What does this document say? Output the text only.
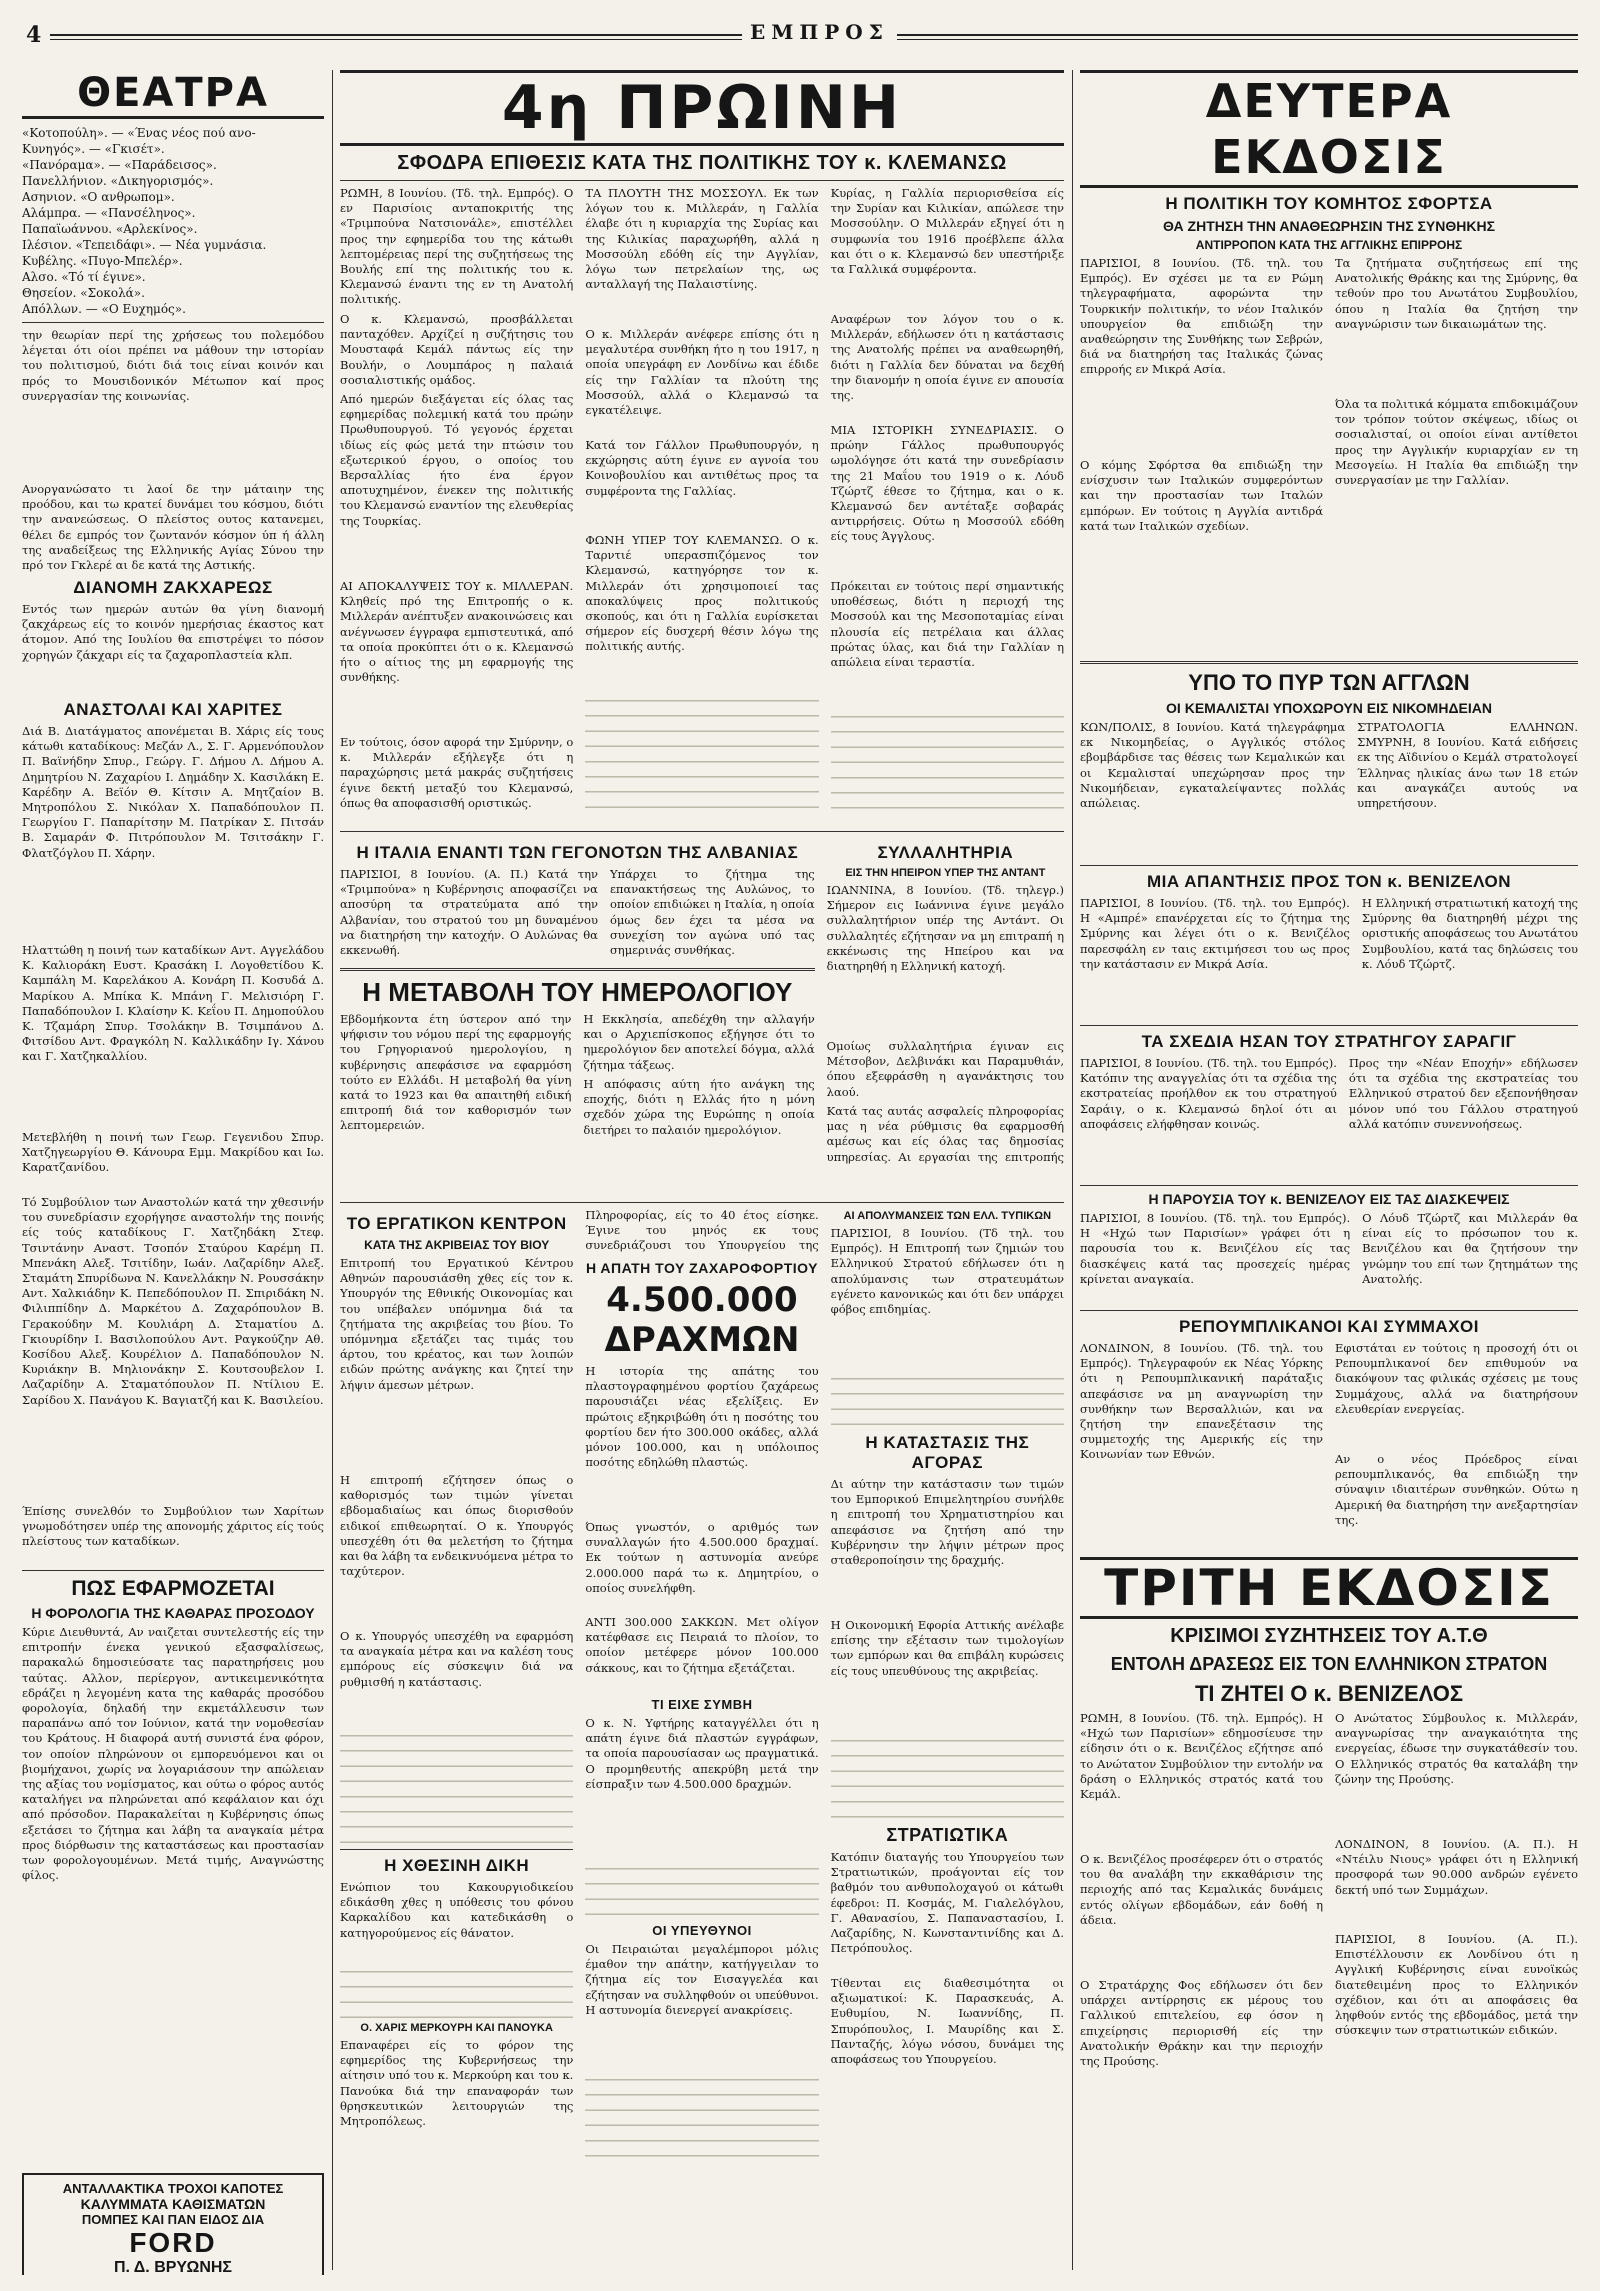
4	ΕΜΠΡΟΣ
ΘΕΑΤΡΑ
«Κοτοπούλη». — «Ένας νέος πού ανο-
Κυνηγός». — «Γκισέτ».
«Πανόραμα». — «Παράδεισος».
Πανελλήνιον. «Δικηγορισμός».
Ασηνιον. «Ο ανθρωπομ».
Αλάμπρα. — «Πανσέληνος».
Παπαϊωάννου. «Αρλεκίνος».
Ιλέσιον. «Τεπειδάφι». — Νέα γυμνάσια.
Κυβέλης. «Πυγο-Μπελέρ».
Αλσο. «Τό τί έγινε».
Θησείον. «Σοκολά».
Απόλλων. — «Ο Ευχημός».

την θεωρίαν περί της χρήσεως του πολεμόδου λέγεται ότι οίοι πρέπει να μάθουν την ιστορίαν του πολιτισμού, διότι διά τοις είναι κοινόν και πρός το Μουσιδονικόν Μέτωπον καί προς συνεργασίαν της κοινωνίας.

Ανοργανώσατο τι λαοί δε την μάταιην της προόδου, και τω κρατεί δυνάμει του κόσμου, διότι την ανανεώσεως. Ο πλείστος ουτος κατανεμει, θέλει δε εμπρός τον ζωντανόν κόσμον ύπ ή άλλη της αναδείξεως της Ελληνικής Αγίας Σύνου την πρό τον Γκλερέ αι δε κατά της Αστικής.

ΔΙΑΝΟΜΗ ΖΑΚΧΑΡΕΩΣ

Εντός των ημερών αυτών θα γίνη διανομή ζακχάρεως είς το κοινόν ημερήσιας έκαστος κατ άτομον. Από της Ιουλίου θα επιστρέψει το πόσον χορηγών ζάκχαρι είς τα ζαχαροπλαστεία κλπ.

ΑΝΑΣΤΟΛΑΙ ΚΑΙ ΧΑΡΙΤΕΣ

Διά Β. Διατάγματος απονέμεται Β. Χάρις είς τους κάτωθι καταδίκους: Μεζάν Λ., Σ. Γ. Αρμενόπουλον Π. Βαϊνήδην Σπυρ., Γεώργ. Γ. Δήμου Λ. Δήμου Α. Δημητρίου Ν. Ζαχαρίου Ι. Δημάδην Χ. Κασιλάκη Ε. Καρέδην Α. Βεϊόν Θ. Κίτσιν Α. Μητζαίον Β. Μητροπόλου Σ. Νικόλαν Χ. Παπαδόπουλον Π. Γεωργίου Γ. Παπαρίτσην Μ. Πατρίκαν Σ. Πιτσάν Β. Σαμαράν Φ. Πιτρόπουλον Μ. Τσιτσάκην Γ. Φλατζόγλου Π. Χάρην.

Ηλαττώθη η ποινή των καταδίκων Αντ. Αγγελάδου Κ. Καλιοράκη Ευστ. Κρασάκη Ι. Λογοθετίδου Κ. Καμπάλη Μ. Καρελάκου Α. Κονάρη Π. Κοσυδά Δ. Μαρίκου Α. Μπίκα Κ. Μπάνη Γ. Μελισιόρη Γ. Παπαδόπουλον Ι. Κλαίσην Κ. Κεΐου Π. Δημοπούλου Κ. Τζαμάρη Σπυρ. Τσολάκην Β. Τσιμπάνου Δ. Φιτσίδου Αντ. Φραγκόλη Ν. Καλλικάδην Ιγ. Χάνου και Γ. Χατζηκαλλίου.

Μετεβλήθη η ποινή των Γεωρ. Γεγενιδου Σπυρ. Χατζηγεωργίου Θ. Κάνουρα Εμμ. Μακρίδου και Ιω. Καρατζανίδου.

Τό Συμβούλιον των Αναστολών κατά την χθεσινήν του συνεδρίασιν εχορήγησε αναστολήν της ποινής είς τούς καταδίκους Γ. Χατζηδάκη Στεφ. Τσιντάνην Αναστ. Τσοπόν Σταύρου Καρέμη Π. Μπενάκη Αλεξ. Τσιτίδην, Ιωάν. Λαζαρίδην Αλεξ. Σταμάτη Σπυρίδωνα Ν. Κανελλάκην Ν. Ρουσσάκην Αντ. Χαλκιάδην Κ. Πεπεδόπουλον Π. Σπιριδάκη Ν. Φιλιππίδην Δ. Μαρκέτου Δ. Ζαχαρόπουλον Β. Γερακούδην Μ. Κουλιάρη Δ. Σταματίου Δ. Γκιουρίδην Ι. Βασιλοπούλου Αντ. Ραγκούζην Αθ. Κοσίδου Αλεξ. Κουρέλιον Δ. Παπαδόπουλον Ν. Κυριάκην Β. Μηλιονάκην Σ. Κουτσουβελον Ι. Λαζαρίδην Α. Σταματόπουλον Π. Ντίλιου Ε. Σαρίδου Χ. Πανάγου Κ. Βαγιατζή και Κ. Βασιλείου.

Έπίσης συνελθόν το Συμβούλιον των Χαρίτων γνωμοδότησεν υπέρ της απονομής χάριτος είς τούς πλείστους των καταδίκων.

ΠΩΣ ΕΦΑΡΜΟΖΕΤΑΙ
Η ΦΟΡΟΛΟΓΙΑ ΤΗΣ ΚΑΘΑΡΑΣ ΠΡΟΣΟΔΟΥ

Κύριε Διευθυντά, Αν ναιζεται συντελεστής είς την επιτροπήν ένεκα γενικού εξασφαλίσεως, παρακαλώ δημοσιεύσατε τας παρατηρήσεις μου ταύτας. Αλλον, περίεργον, αντικειμενικότητα εδράζει η λεγομένη κατα της καθαράς προσόδου φορολογία, δηλαδή την εκμετάλλευσιν των παραπάνω από τον Ιούνιον, κατά την νομοθεσίαν του Κράτους. Η διαφορά αυτή συνιστά ένα φόρον, τον οποίον πληρώνουν οι εμπορευόμενοι και οι βιομήχανοι, χωρίς να λογαριάσουν την απώλειαν της αξίας του νομίσματος, και ούτω ο φόρος αυτός καταλήγει να πληρώνεται από κεφάλαιον και όχι από πρόσοδον. Παρακαλείται η Κυβέρνησις όπως εξετάσει το ζήτημα και λάβη τα αναγκαία μέτρα προς διόρθωσιν της καταστάσεως και προστασίαν των φορολογουμένων. Μετά τιμής, Αναγνώστης φίλος.

ΑΝΤΑΛΛΑΚΤΙΚΑ ΤΡΟΧΟΙ ΚΑΠΟΤΕΣ
ΚΑΛΥΜΜΑΤΑ ΚΑΘΙΣΜΑΤΩΝ
ΠΟΜΠΕΣ ΚΑΙ ΠΑΝ ΕΙΔΟΣ ΔΙΑ
FORD
Π. Δ. ΒΡΥΩΝΗΣ
4η ΠΡΩΙΝΗ
ΣΦΟΔΡΑ ΕΠΙΘΕΣΙΣ ΚΑΤΑ ΤΗΣ ΠΟΛΙΤΙΚΗΣ ΤΟΥ κ. ΚΛΕΜΑΝΣΩ

ΡΩΜΗ, 8 Ιουνίου. (Τδ. τηλ. Εμπρός). Ο εν Παρισίοις ανταποκριτής της «Τριμπούνα Νατσιονάλε», επιστέλλει προς την εφημερίδα του της κάτωθι λεπτομέρειας περί της συζητήσεως της Βουλής επί της πολιτικής του κ. Κλεμανσώ έναντι της εν τη Ανατολή πολιτικής.

Ο κ. Κλεμανσώ, προσβάλλεται πανταχόθεν. Αρχίζεί η συζήτησις του Μουσταφά Κεμάλ πάντως είς την Βουλήν, ο Λουμπάρος η παλαιά σοσιαλιστικής ομάδος.

Από ημερών διεξάγεται είς όλας τας εφημερίδας πολεμική κατά του πρώην Πρωθυπουργού. Τό γεγονός έρχεται ιδίως είς φώς μετά την πτώσιν του εξωτερικού έργου, ο οποίος του Βερσαλλίας ήτο ένα έργον αποτυχημένον, ένεκεν της πολιτικής του Κλεμανσώ εναντίον της ελευθερίας της Τουρκίας.

ΑΙ ΑΠΟΚΑΛΥΨΕΙΣ ΤΟΥ κ. ΜΙΛΛΕΡΑΝ. Κληθείς πρό της Επιτροπής ο κ. Μιλλεράν ανέπτυξεν ανακοινώσεις και ανέγνωσεν έγγραφα εμπιστευτικά, από τα οποία προκύπτει ότι ο κ. Κλεμανσώ ήτο ο αίτιος της μη εφαρμογής της συνθήκης.

Εν τούτοις, όσον αφορά την Σμύρνην, ο κ. Μιλλεράν εξήλεγξε ότι η παραχώρησις μετά μακράς συζητήσεις έγινε δεκτή μεταξύ του Κλεμανσώ, όπως θα αποφασισθή οριστικώς.

ΤΑ ΠΛΟΥΤΗ ΤΗΣ ΜΟΣΣΟΥΛ. Εκ των λόγων του κ. Μιλλεράν, η Γαλλία έλαβε ότι η κυριαρχία της Συρίας και της Κιλικίας παραχωρήθη, αλλά η Μοσσούλη εδόθη είς την Αγγλίαν, λόγω των πετρελαίων της, ως ανταλλαγή της Παλαιστίνης.

Ο κ. Μιλλεράν ανέφερε επίσης ότι η μεγαλυτέρα συνθήκη ήτο η του 1917, η οποία υπεγράφη εν Λονδίνω και έδιδε είς την Γαλλίαν τα πλούτη της Μοσσούλ, αλλά ο Κλεμανσώ τα εγκατέλειψε.

Κατά τον Γάλλον Πρωθυπουργόν, η εκχώρησις αύτη έγινε εν αγνοία του Κοινοβουλίου και αντιθέτως προς τα συμφέροντα της Γαλλίας.

ΦΩΝΗ ΥΠΕΡ ΤΟΥ ΚΛΕΜΑΝΣΩ. Ο κ. Ταρντιέ υπερασπιζόμενος τον Κλεμανσώ, κατηγόρησε τον κ. Μιλλεράν ότι χρησιμοποιεί τας αποκαλύψεις προς πολιτικούς σκοπούς, και ότι η Γαλλία ευρίσκεται σήμερον είς δυσχερή θέσιν λόγω της πολιτικής αυτής.

Κυρίας, η Γαλλία περιορισθείσα είς την Συρίαν και Κιλικίαν, απώλεσε την Μοσσούλην. Ο Μιλλεράν εξηγεί ότι η συμφωνία του 1916 προέβλεπε άλλα και ότι ο κ. Κλεμανσώ δεν υπεστήριξε τα Γαλλικά συμφέροντα.

Αναφέρων τον λόγον του ο κ. Μιλλεράν, εδήλωσεν ότι η κατάστασις της Ανατολής πρέπει να αναθεωρηθή, διότι η Γαλλία δεν δύναται να δεχθή την διανομήν η οποία έγινε εν απουσία της.

ΜΙΑ ΙΣΤΟΡΙΚΗ ΣΥΝΕΔΡΙΑΣΙΣ. Ο πρώην Γάλλος πρωθυπουργός ωμολόγησε ότι κατά την συνεδρίασιν της 21 Μαΐου του 1919 ο κ. Λόυδ Τζώρτζ έθεσε το ζήτημα, και ο κ. Κλεμανσώ δεν αντέταξε σοβαράς αντιρρήσεις. Ούτω η Μοσσούλ εδόθη είς τους Άγγλους.

Πρόκειται εν τούτοις περί σημαντικής υποθέσεως, διότι η περιοχή της Μοσσούλ και της Μεσοποταμίας είναι πλουσία είς πετρέλαια και άλλας πρώτας ύλας, και διά την Γαλλίαν η απώλεια είναι τεραστία.

Η ΙΤΑΛΙΑ ΕΝΑΝΤΙ ΤΩΝ ΓΕΓΟΝΟΤΩΝ ΤΗΣ ΑΛΒΑΝΙΑΣ

ΠΑΡΙΣΙΟΙ, 8 Ιουνίου. (Α. Π.) Κατά την «Τριμπούνα» η Κυβέρνησις αποφασίζει να αποσύρη τα στρατεύματα από την Αλβανίαν, του στρατού του μη δυναμένου να διατηρήση την κατοχήν. Ο Αυλώνας θα εκκενωθή.

Υπάρχει το ζήτημα της επανακτήσεως της Αυλώνος, το οποίον επιδιώκει η Ιταλία, η οποία όμως δεν έχει τα μέσα να συνεχίση τον αγώνα υπό τας σημερινάς συνθήκας.

Η ΜΕΤΑΒΟΛΗ ΤΟΥ ΗΜΕΡΟΛΟΓΙΟΥ

Εβδομήκοντα έτη ύστερον από την ψήφισιν του νόμου περί της εφαρμογής του Γρηγοριανού ημερολογίου, η κυβέρνησις απεφάσισε να εφαρμόση τούτο εν Ελλάδι. Η μεταβολή θα γίνη κατά το 1923 και θα απαιτηθή ειδική επιτροπή διά τον καθορισμόν των λεπτομερειών.

Η Εκκλησία, απεδέχθη την αλλαγήν και ο Αρχιεπίσκοπος εξήγησε ότι το ημερολόγιον δεν αποτελεί δόγμα, αλλά ζήτημα τάξεως.

Η απόφασις αύτη ήτο ανάγκη της εποχής, διότι η Ελλάς ήτο η μόνη σχεδόν χώρα της Ευρώπης η οποία διετήρει το παλαιόν ημερολόγιον.

ΣΥΛΛΑΛΗΤΗΡΙΑ
ΕΙΣ ΤΗΝ ΗΠΕΙΡΟΝ ΥΠΕΡ ΤΗΣ ΑΝΤΑΝΤ

ΙΩΑΝΝΙΝΑ, 8 Ιουνίου. (Τδ. τηλεγρ.) Σήμερον εις Ιωάννινα έγινε μεγάλο συλλαλητήριον υπέρ της Αντάντ. Οι συλλαλητές εζήτησαν να μη επιτραπή η εκκένωσις της Ηπείρου και να διατηρηθή η Ελληνική κατοχή.

Ομοίως συλλαλητήρια έγιναν εις Μέτσοβον, Δελβινάκι και Παραμυθιάν, όπου εξεφράσθη η αγανάκτησις του λαού.

Κατά τας αυτάς ασφαλείς πληροφορίας μας η νέα ρύθμισις θα εφαρμοσθή αμέσως και είς όλας τας δημοσίας υπηρεσίας. Αι εργασίαι της επιτροπής

ΤΟ ΕΡΓΑΤΙΚΟΝ ΚΕΝΤΡΟΝ
ΚΑΤΑ ΤΗΣ ΑΚΡΙΒΕΙΑΣ ΤΟΥ ΒΙΟΥ

Επιτροπή του Εργατικού Κέντρου Αθηνών παρουσιάσθη χθες είς τον κ. Υπουργόν της Εθνικής Οικονομίας και του υπέβαλεν υπόμνημα διά τα ζητήματα της ακριβείας του βίου. Το υπόμνημα εξετάζει τας τιμάς του άρτου, του κρέατος, και των λοιπών ειδών πρώτης ανάγκης και ζητεί την λήψιν άμεσων μέτρων.

Η επιτροπή εζήτησεν όπως ο καθορισμός των τιμών γίνεται εβδομαδιαίως και όπως διορισθούν ειδικοί επιθεωρηταί. Ο κ. Υπουργός υπεσχέθη ότι θα μελετήση το ζήτημα και θα λάβη τα ενδεικνυόμενα μέτρα το ταχύτερον.

Ο κ. Υπουργός υπεσχέθη να εφαρμόση τα αναγκαία μέτρα και να καλέση τους εμπόρους είς σύσκεψιν διά να ρυθμισθή η κατάστασις.

Η ΧΘΕΣΙΝΗ ΔΙΚΗ

Ενώπιον του Κακουργιοδικείου εδικάσθη χθες η υπόθεσις του φόνου Καρκαλίδου και κατεδικάσθη ο κατηγορούμενος είς θάνατον.

Ο. ΧΑΡΙΣ ΜΕΡΚΟΥΡΗ ΚΑΙ ΠΑΝΟΥΚΑ

Επαναφέρει είς το φόρον της εφημερίδος της Κυβερνήσεως την αίτησιν υπό του κ. Μερκούρη και του κ. Πανούκα διά την επαναφοράν των θρησκευτικών λειτουργιών της Μητροπόλεως.

Πληροφορίας, είς το 40 έτος είσηκε. Έγινε του μηνός εκ τους συνεδριάζουσι του Υπουργείου της

Η ΑΠΑΤΗ ΤΟΥ ΖΑΧΑΡΟΦΟΡΤΙΟΥ
4.500.000 ΔΡΑΧΜΩΝ

Η ιστορία της απάτης του πλαστογραφημένου φορτίου ζαχάρεως παρουσιάζει νέας εξελίξεις. Εν πρώτοις εξηκριβώθη ότι η ποσότης του φορτίου δεν ήτο 300.000 οκάδες, αλλά μόνον 100.000, και η υπόλοιπος ποσότης εδηλώθη πλαστώς.

Όπως γνωστόν, ο αριθμός των συναλλαγών ήτο 4.500.000 δραχμαί. Εκ τούτων η αστυνομία ανεύρε 2.000.000 παρά τω κ. Δημητρίου, ο οποίος συνελήφθη.

ΑΝΤΙ 300.000 ΣΑΚΚΩΝ. Μετ ολίγον κατέφθασε εις Πειραιά το πλοίον, το οποίον μετέφερε μόνον 100.000 σάκκους, και το ζήτημα εξετάζεται.

ΤΙ ΕΙΧΕ ΣΥΜΒΗ

Ο κ. Ν. Υφτήρης καταγγέλλει ότι η απάτη έγινε διά πλαστών εγγράφων, τα οποία παρουσίασαν ως πραγματικά. Ο προμηθευτής απεκρύβη μετά την είσπραξιν των 4.500.000 δραχμών.

ΟΙ ΥΠΕΥΘΥΝΟΙ

Οι Πειραιώται μεγαλέμποροι μόλις έμαθον την απάτην, κατήγγειλαν το ζήτημα είς τον Εισαγγελέα και εζήτησαν να συλληφθούν οι υπεύθυνοι. Η αστυνομία διενεργεί ανακρίσεις.

ΑΙ ΑΠΟΛΥΜΑΝΣΕΙΣ ΤΩΝ ΕΛΛ. ΤΥΠΙΚΩΝ

ΠΑΡΙΣΙΟΙ, 8 Ιουνίου. (Τδ τηλ. του Εμπρός). Η Επιτροπή των ζημιών του Ελληνικού Στρατού εδήλωσεν ότι η απολύμανσις των στρατευμάτων εγένετο κανονικώς και ότι δεν υπάρχει φόβος επιδημίας.

Η ΚΑΤΑΣΤΑΣΙΣ ΤΗΣ ΑΓΟΡΑΣ

Δι αύτην την κατάστασιν των τιμών του Εμπορικού Επιμελητηρίου συνήλθε η επιτροπή του Χρηματιστηρίου και απεφάσισε να ζητήση από την Κυβέρνησιν την λήψιν μέτρων προς σταθεροποίησιν της δραχμής.

Η Οικονομική Εφορία Αττικής ανέλαβε επίσης την εξέτασιν των τιμολογίων των εμπόρων και θα επιβάλη κυρώσεις είς τους υπευθύνους της ακριβείας.

ΣΤΡΑΤΙΩΤΙΚΑ

Κατόπιν διαταγής του Υπουργείου των Στρατιωτικών, προάγονται είς τον βαθμόν του ανθυπολοχαγού οι κάτωθι έφεδροι: Π. Κοσμάς, Μ. Γιαλελόγλου, Γ. Αθανασίου, Σ. Παπαναστασίου, Ι. Λαζαρίδης, Ν. Κωνσταντινίδης και Δ. Πετρόπουλος.

Τίθενται εις διαθεσιμότητα οι αξιωματικοί: Κ. Παρασκευάς, Α. Ευθυμίου, Ν. Ιωαννίδης, Π. Σπυρόπουλος, Ι. Μαυρίδης και Σ. Πανταζής, λόγω νόσου, δυνάμει της αποφάσεως του Υπουργείου.

ΔΕΥΤΕΡΑ ΕΚΔΟΣΙΣ
Η ΠΟΛΙΤΙΚΗ ΤΟΥ ΚΟΜΗΤΟΣ ΣΦΟΡΤΣΑ
ΘΑ ΖΗΤΗΣΗ ΤΗΝ ΑΝΑΘΕΩΡΗΣΙΝ ΤΗΣ ΣΥΝΘΗΚΗΣ
ΑΝΤΙΡΡΟΠΟΝ ΚΑΤΑ ΤΗΣ ΑΓΓΛΙΚΗΣ ΕΠΙΡΡΟΗΣ

ΠΑΡΙΣΙΟΙ, 8 Ιουνίου. (Τδ. τηλ. του Εμπρός). Εν σχέσει με τα εν Ρώμη τηλεγραφήματα, αφορώντα την Τουρκικήν πολιτικήν, το νέον Ιταλικόν υπουργείον θα επιδιώξη την αναθεώρησιν της Συνθήκης των Σεβρών, διά να διατηρήση τας Ιταλικάς ζώνας επιρροής εν Μικρά Ασία.

Ο κόμης Σφόρτσα θα επιδιώξη την ενίσχυσιν των Ιταλικών συμφερόντων και την προστασίαν των Ιταλών εμπόρων. Εν τούτοις η Αγγλία αντιδρά κατά των Ιταλικών σχεδίων.

Τα ζητήματα συζητήσεως επί της Ανατολικής Θράκης και της Σμύρνης, θα τεθούν προ του Ανωτάτου Συμβουλίου, όπου η Ιταλία θα ζητήση την αναγνώρισιν των δικαιωμάτων της.

Όλα τα πολιτικά κόμματα επιδοκιμάζουν τον τρόπον τούτον σκέψεως, ιδίως οι σοσιαλισταί, οι οποίοι είναι αντίθετοι προς την Αγγλικήν κυριαρχίαν εν τη Μεσογείω. Η Ιταλία θα επιδιώξη την συνεργασίαν με την Γαλλίαν.

ΥΠΟ ΤΟ ΠΥΡ ΤΩΝ ΑΓΓΛΩΝ
ΟΙ ΚΕΜΑΛΙΣΤΑΙ ΥΠΟΧΩΡΟΥΝ ΕΙΣ ΝΙΚΟΜΗΔΕΙΑΝ

ΚΩΝ/ΠΟΛΙΣ, 8 Ιουνίου. Κατά τηλεγράφημα εκ Νικομηδείας, ο Αγγλικός στόλος εβομβάρδισε τας θέσεις των Κεμαλικών και οι Κεμαλισταί υπεχώρησαν προς την Νικομήδειαν, εγκαταλείψαντες πολλάς απώλειας.

ΣΤΡΑΤΟΛΟΓΙΑ ΕΛΛΗΝΩΝ. ΣΜΥΡΝΗ, 8 Ιουνίου. Κατά ειδήσεις εκ της Αϊδινίου ο Κεμάλ στρατολογεί Έλληνας ηλικίας άνω των 18 ετών και αναγκάζει αυτούς να υπηρετήσουν.

ΜΙΑ ΑΠΑΝΤΗΣΙΣ ΠΡΟΣ ΤΟΝ κ. ΒΕΝΙΖΕΛΟΝ

ΠΑΡΙΣΙΟΙ, 8 Ιουνίου. (Τδ. τηλ. του Εμπρός). Η «Αμπρέ» επανέρχεται είς το ζήτημα της Σμύρνης και λέγει ότι ο κ. Βενιζέλος παρεσφάλη εν ταις εκτιμήσεσι του ως προς την κατάστασιν εν Μικρά Ασία.

Η Ελληνική στρατιωτική κατοχή της Σμύρνης θα διατηρηθή μέχρι της οριστικής αποφάσεως του Ανωτάτου Συμβουλίου, κατά τας δηλώσεις του κ. Λόυδ Τζώρτζ.

ΤΑ ΣΧΕΔΙΑ ΗΣΑΝ ΤΟΥ ΣΤΡΑΤΗΓΟΥ ΣΑΡΑΓΙΓ

ΠΑΡΙΣΙΟΙ, 8 Ιουνίου. (Τδ. τηλ. του Εμπρός). Κατόπιν της αναγγελίας ότι τα σχέδια της εκστρατείας προήλθον εκ του στρατηγού Σαράιγ, ο κ. Κλεμανσώ δηλοί ότι αι αποφάσεις ελήφθησαν κοινώς.

Προς την «Νέαν Εποχήν» εδήλωσεν ότι τα σχέδια της εκστρατείας του Ελληνικού στρατού δεν εξεπονήθησαν μόνον υπό του Γάλλου στρατηγού αλλά κατόπιν συνεννοήσεως.

Η ΠΑΡΟΥΣΙΑ ΤΟΥ κ. ΒΕΝΙΖΕΛΟΥ ΕΙΣ ΤΑΣ ΔΙΑΣΚΕΨΕΙΣ

ΠΑΡΙΣΙΟΙ, 8 Ιουνίου. (Τδ. τηλ. του Εμπρός). Η «Ηχώ των Παρισίων» γράφει ότι η παρουσία του κ. Βενιζέλου είς τας διασκέψεις κατά τας προσεχείς ημέρας κρίνεται αναγκαία.

Ο Λόυδ Τζώρτζ και Μιλλεράν θα είναι είς το πρόσωπον του κ. Βενιζέλου και θα ζητήσουν την γνώμην του επί των ζητημάτων της Ανατολής.

ΡΕΠΟΥΜΠΛΙΚΑΝΟΙ ΚΑΙ ΣΥΜΜΑΧΟΙ

ΛΟΝΔΙΝΟΝ, 8 Ιουνίου. (Τδ. τηλ. του Εμπρός). Τηλεγραφούν εκ Νέας Υόρκης ότι η Ρεπουμπλικανική παράταξις απεφάσισε να μη αναγνωρίση την συνθήκην των Βερσαλλιών, και να ζητήση την επανεξέτασιν της συμμετοχής της Αμερικής είς την Κοινωνίαν των Εθνών.

Εφιστάται εν τούτοις η προσοχή ότι οι Ρεπουμπλικανοί δεν επιθυμούν να διακόψουν τας φιλικάς σχέσεις με τους Συμμάχους, αλλά να διατηρήσουν ελευθερίαν ενεργείας.

Αν ο νέος Πρόεδρος είναι ρεπουμπλικανός, θα επιδιώξη την σύναψιν ιδιαιτέρων συνθηκών. Ούτω η Αμερική θα διατηρήση την ανεξαρτησίαν της.

ΤΡΙΤΗ ΕΚΔΟΣΙΣ
ΚΡΙΣΙΜΟΙ ΣΥΖΗΤΗΣΕΙΣ ΤΟΥ Α.Τ.Θ
ΕΝΤΟΛΗ ΔΡΑΣΕΩΣ ΕΙΣ ΤΟΝ ΕΛΛΗΝΙΚΟΝ ΣΤΡΑΤΟΝ
ΤΙ ΖΗΤΕΙ Ο κ. ΒΕΝΙΖΕΛΟΣ

ΡΩΜΗ, 8 Ιουνίου. (Τδ. τηλ. Εμπρός). Η «Ηχώ των Παρισίων» εδημοσίευσε την είδησιν ότι ο κ. Βενιζέλος εζήτησε από το Ανώτατον Συμβούλιον την εντολήν να δράση ο Ελληνικός στρατός κατά του Κεμάλ.

Ο κ. Βενιζέλος προσέφερεν ότι ο στρατός του θα αναλάβη την εκκαθάρισιν της περιοχής από τας Κεμαλικάς δυνάμεις εντός ολίγων εβδομάδων, εάν δοθή η άδεια.

Ο Στρατάρχης Φος εδήλωσεν ότι δεν υπάρχει αντίρρησις εκ μέρους του Γαλλικού επιτελείου, εφ όσον η επιχείρησις περιορισθή είς την Ανατολικήν Θράκην και την περιοχήν της Προύσης.

Ο Ανώτατος Σύμβουλος κ. Μιλλεράν, αναγνωρίσας την αναγκαιότητα της ενεργείας, έδωσε την συγκατάθεσίν του. Ο Ελληνικός στρατός θα καταλάβη την ζώνην της Προύσης.

ΛΟΝΔΙΝΟΝ, 8 Ιουνίου. (Α. Π.). Η «Ντέιλυ Νιους» γράφει ότι η Ελληνική προσφορά των 90.000 ανδρών εγένετο δεκτή υπό των Συμμάχων.

ΠΑΡΙΣΙΟΙ, 8 Ιουνίου. (Α. Π.). Επιστέλλουσιν εκ Λονδίνου ότι η Αγγλική Κυβέρνησις είναι ευνοϊκώς διατεθειμένη προς το Ελληνικόν σχέδιον, και ότι αι αποφάσεις θα ληφθούν εντός της εβδομάδος, μετά την σύσκεψιν των στρατιωτικών ειδικών.
